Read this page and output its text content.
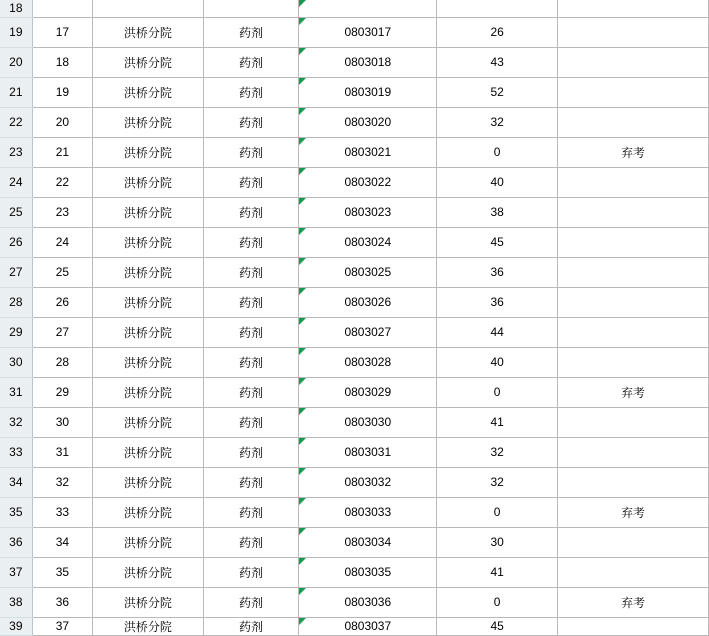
18				

19	17	洪桥分院	药剂	0803017	26	
20	18	洪桥分院	药剂	0803018	43	
21	19	洪桥分院	药剂	0803019	52	
22	20	洪桥分院	药剂	0803020	32	
23	21	洪桥分院	药剂	0803021	0	弃考
24	22	洪桥分院	药剂	0803022	40	
25	23	洪桥分院	药剂	0803023	38	
26	24	洪桥分院	药剂	0803024	45	
27	25	洪桥分院	药剂	0803025	36	
28	26	洪桥分院	药剂	0803026	36	
29	27	洪桥分院	药剂	0803027	44	
30	28	洪桥分院	药剂	0803028	40	
31	29	洪桥分院	药剂	0803029	0	弃考
32	30	洪桥分院	药剂	0803030	41	
33	31	洪桥分院	药剂	0803031	32	
34	32	洪桥分院	药剂	0803032	32	
35	33	洪桥分院	药剂	0803033	0	弃考
36	34	洪桥分院	药剂	0803034	30	
37	35	洪桥分院	药剂	0803035	41	
38	36	洪桥分院	药剂	0803036	0	弃考
39	37	洪桥分院	药剂	0803037	45	
